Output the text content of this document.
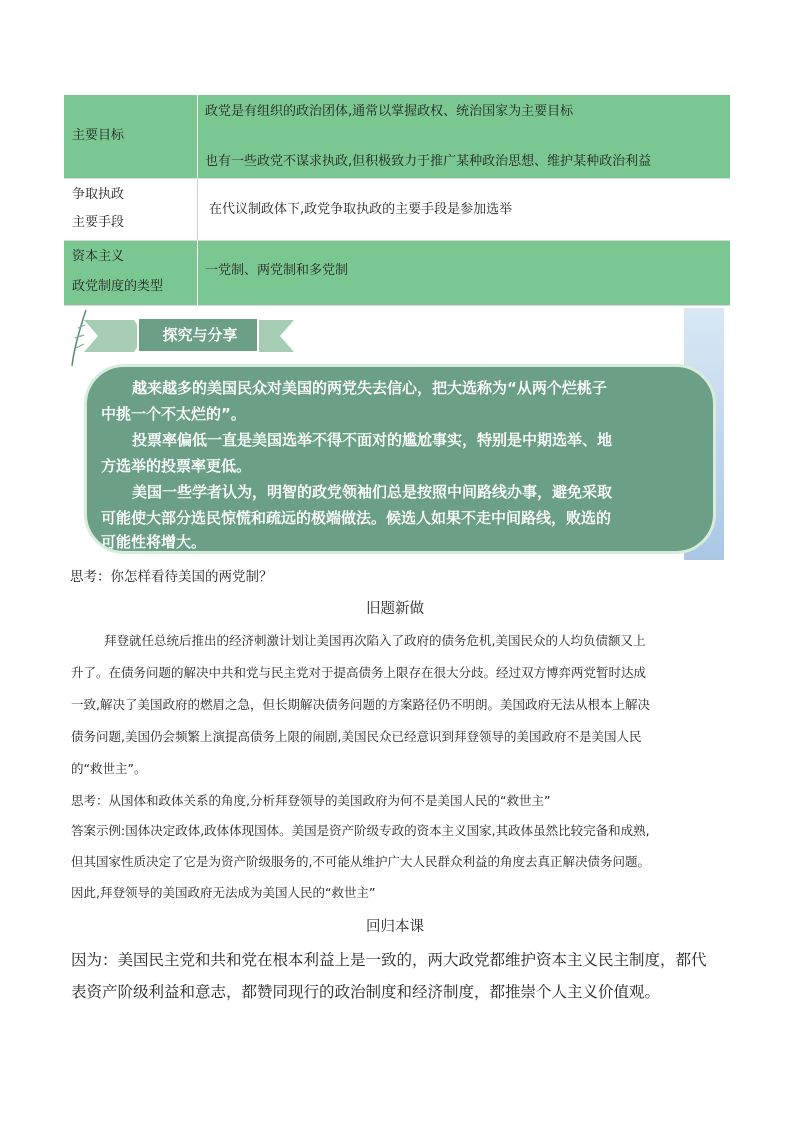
主要目标
政党是有组织的政治团体,通常以掌握政权、统治国家为主要目标
也有一些政党不谋求执政,但积极致力于推广某种政治思想、维护某种政治利益
争取执政
主要手段
在代议制政体下,政党争取执政的主要手段是参加选举
资本主义
政党制度的类型
一党制、两党制和多党制
探究与分享
越来越多的美国民众对美国的两党失去信心，把大选称为“从两个烂桃子
中挑一个不太烂的”。
投票率偏低一直是美国选举不得不面对的尴尬事实，特别是中期选举、地
方选举的投票率更低。
美国一些学者认为，明智的政党领袖们总是按照中间路线办事，避免采取
可能使大部分选民惊慌和疏远的极端做法。候选人如果不走中间路线，败选的
可能性将增大。
思考：你怎样看待美国的两党制？
旧题新做
拜登就任总统后推出的经济刺激计划让美国再次陷入了政府的债务危机,美国民众的人均负债额又上
升了。在债务问题的解决中共和党与民主党对于提高债务上限存在很大分歧。经过双方博弈两党暂时达成
一致,解决了美国政府的燃眉之急，但长期解决债务问题的方案路径仍不明朗。美国政府无法从根本上解决
债务问题,美国仍会频繁上演提高债务上限的闹剧,美国民众已经意识到拜登领导的美国政府不是美国人民
的“救世主”。
思考：从国体和政体关系的角度,分析拜登领导的美国政府为何不是美国人民的“救世主”
答案示例:国体决定政体,政体体现国体。美国是资产阶级专政的资本主义国家,其政体虽然比较完备和成熟,
但其国家性质决定了它是为资产阶级服务的,不可能从维护广大人民群众利益的角度去真正解决债务问题。
因此,拜登领导的美国政府无法成为美国人民的“救世主”
回归本课
因为：美国民主党和共和党在根本利益上是一致的，两大政党都维护资本主义民主制度，都代
表资产阶级利益和意志，都赞同现行的政治制度和经济制度，都推崇个人主义价值观。
